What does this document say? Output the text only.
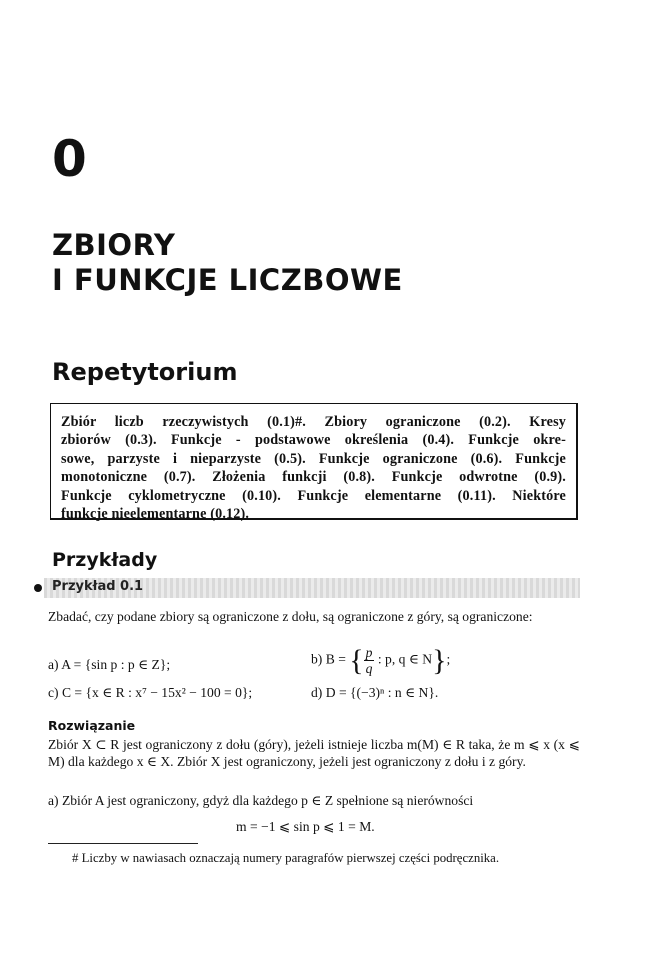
0
ZBIORY
I FUNKCJE LICZBOWE
Repetytorium
Zbiór liczb rzeczywistych (0.1)#. Zbiory ograniczone (0.2). Kresy
zbiorów (0.3). Funkcje - podstawowe określenia (0.4). Funkcje okre-
sowe, parzyste i nieparzyste (0.5). Funkcje ograniczone (0.6). Funkcje
monotoniczne (0.7). Złożenia funkcji (0.8). Funkcje odwrotne (0.9).
Funkcje cyklometryczne (0.10). Funkcje elementarne (0.11). Niektóre
funkcje nieelementarne (0.12).
Przykłady
Przykład 0.1
Zbadać, czy podane zbiory są ograniczone z dołu, są ograniczone z góry, są ograniczone:
a) A = {sin p : p ∈ Z};	b) B = { $\frac{p}{q}$ : p, q ∈ N};
c) C = {x ∈ R : x⁷ − 15x² − 100 = 0};	d) D = {(−3)ⁿ : n ∈ N}.
Rozwiązanie
Zbiór X ⊂ R jest ograniczony z dołu (góry), jeżeli istnieje liczba m(M) ∈ R taka, że m ⩽ x (x ⩽ M) dla każdego x ∈ X. Zbiór X jest ograniczony, jeżeli jest ograniczony z dołu i z góry.
a) Zbiór A jest ograniczony, gdyż dla każdego p ∈ Z spełnione są nierówności
m = −1 ⩽ sin p ⩽ 1 = M.
# Liczby w nawiasach oznaczają numery paragrafów pierwszej części podręcznika.
